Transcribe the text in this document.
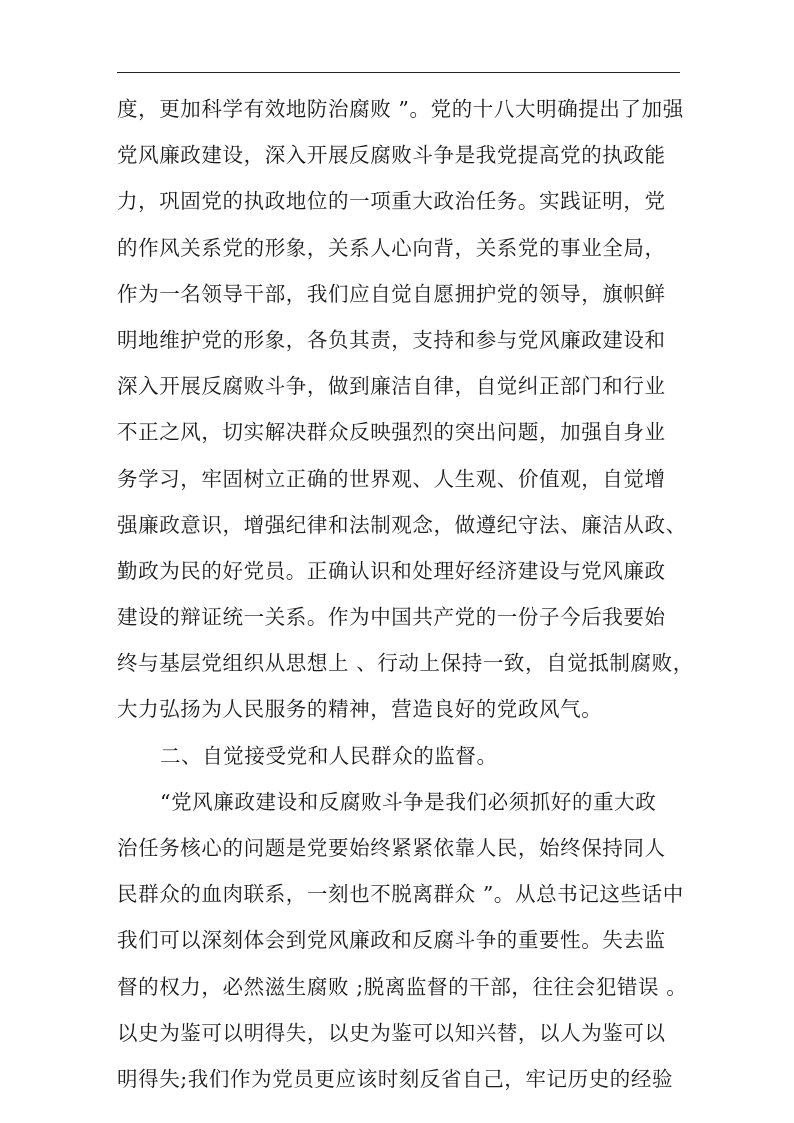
度，更加科学有效地防治腐败 ”。党的十八大明确提出了加强
党风廉政建设，深入开展反腐败斗争是我党提高党的执政能
力，巩固党的执政地位的一项重大政治任务。实践证明，党
的作风关系党的形象，关系人心向背，关系党的事业全局，
作为一名领导干部，我们应自觉自愿拥护党的领导，旗帜鲜
明地维护党的形象，各负其责，支持和参与党风廉政建设和
深入开展反腐败斗争，做到廉洁自律，自觉纠正部门和行业
不正之风，切实解决群众反映强烈的突出问题，加强自身业
务学习，牢固树立正确的世界观、人生观、价值观，自觉增
强廉政意识，增强纪律和法制观念，做遵纪守法、廉洁从政、
勤政为民的好党员。正确认识和处理好经济建设与党风廉政
建设的辩证统一关系。作为中国共产党的一份子今后我要始
终与基层党组织从思想上 、行动上保持一致，自觉抵制腐败，
大力弘扬为人民服务的精神，营造良好的党政风气。
二、自觉接受党和人民群众的监督。
“党风廉政建设和反腐败斗争是我们必须抓好的重大政
治任务核心的问题是党要始终紧紧依靠人民，始终保持同人
民群众的血肉联系，一刻也不脱离群众 ”。从总书记这些话中
我们可以深刻体会到党风廉政和反腐斗争的重要性。失去监
督的权力，必然滋生腐败 ;脱离监督的干部，往往会犯错误 。
以史为鉴可以明得失，以史为鉴可以知兴替，以人为鉴可以
明得失;我们作为党员更应该时刻反省自己，牢记历史的经验
